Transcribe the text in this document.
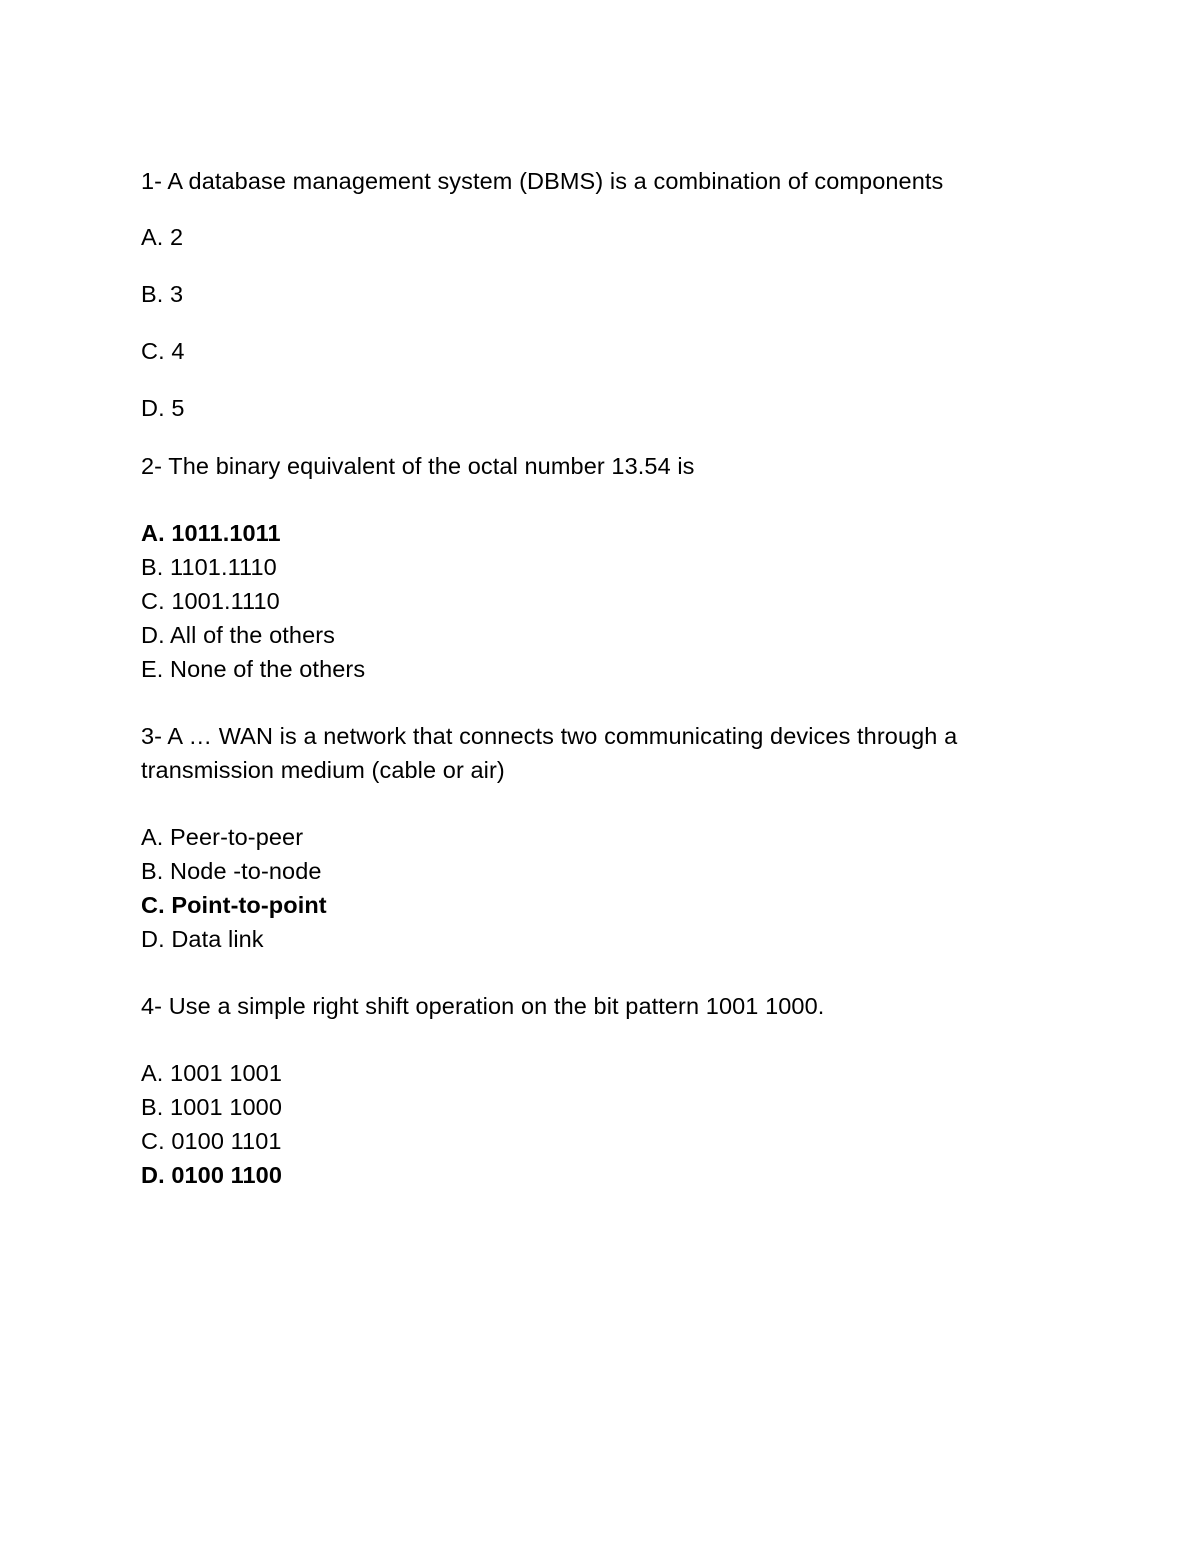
1- A database management system (DBMS) is a combination of components
A. 2
B. 3
C. 4
D. 5
2- The binary equivalent of the octal number 13.54 is
A. 1011.1011
B. 1101.1110
C. 1001.1110
D. All of the others
E. None of the others
3- A … WAN is a network that connects two communicating devices through a
transmission medium (cable or air)
A. Peer-to-peer
B. Node -to-node
C. Point-to-point
D. Data link
4- Use a simple right shift operation on the bit pattern 1001 1000.
A. 1001 1001
B. 1001 1000
C. 0100 1101
D. 0100 1100
